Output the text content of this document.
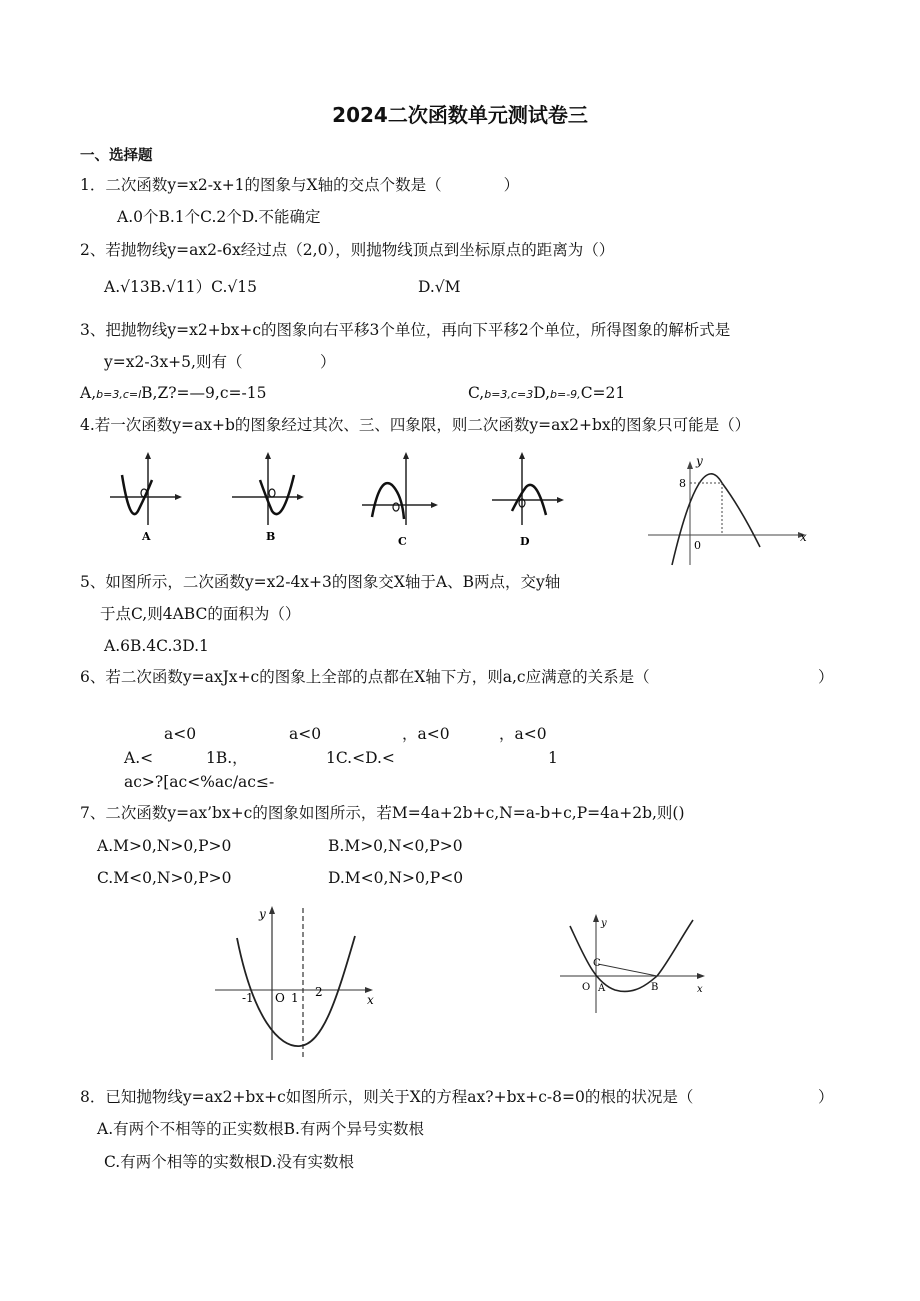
2024二次函数单元测试卷三
一、选择题
1．二次函数y=x2-x+1的图象与X轴的交点个数是（　　　　）
A.0个B.1个C.2个D.不能确定
2、若抛物线y=ax2-6x经过点（2,0），则抛物线顶点到坐标原点的距离为（）
A.√13B.√11）C.√15	D.√M
3、把抛物线y=x2+bx+c的图象向右平移3个单位，再向下平移2个单位，所得图象的解析式是
y=x2-3x+5,则有（　　　　　）
A,b=3,c=lB,Z?=—9,c=-15	C,b=3,c=3D,b=-9,C=21
4.若一次函数y=ax+b的图象经过其次、三、四象限，则二次函数y=ax2+bx的图象只可能是（）
A	B	C	D
8
0
x
y
5、如图所示，二次函数y=x2-4x+3的图象交X轴于A、B两点，交y轴
于点C,则4ABC的面积为（）
A.6B.4C.3D.1
6、若二次函数y=axJx+c的图象上全部的点都在X轴下方，则a,c应满意的关系是（	）
a<0	a<0	，a<0	，a<0
A.<	1B.，	1C.<D.<	1
ac>?[ac<%ac/ac≤-
7、二次函数y=ax’bx+c的图象如图所示，若M=4a+2b+c,N=a-b+c,P=4a+2b,则()
A.M>0,N>0,P>0	B.M>0,N<0,P>0
C.M<0,N>0,P>0	D.M<0,N>0,P<0
-1 O 1 2
x
y
C
O A	B	x
y
8．已知抛物线y=ax2+bx+c如图所示，则关于X的方程ax?+bx+c-8=0的根的状况是（	）
A.有两个不相等的正实数根B.有两个异号实数根
C.有两个相等的实数根D.没有实数根
